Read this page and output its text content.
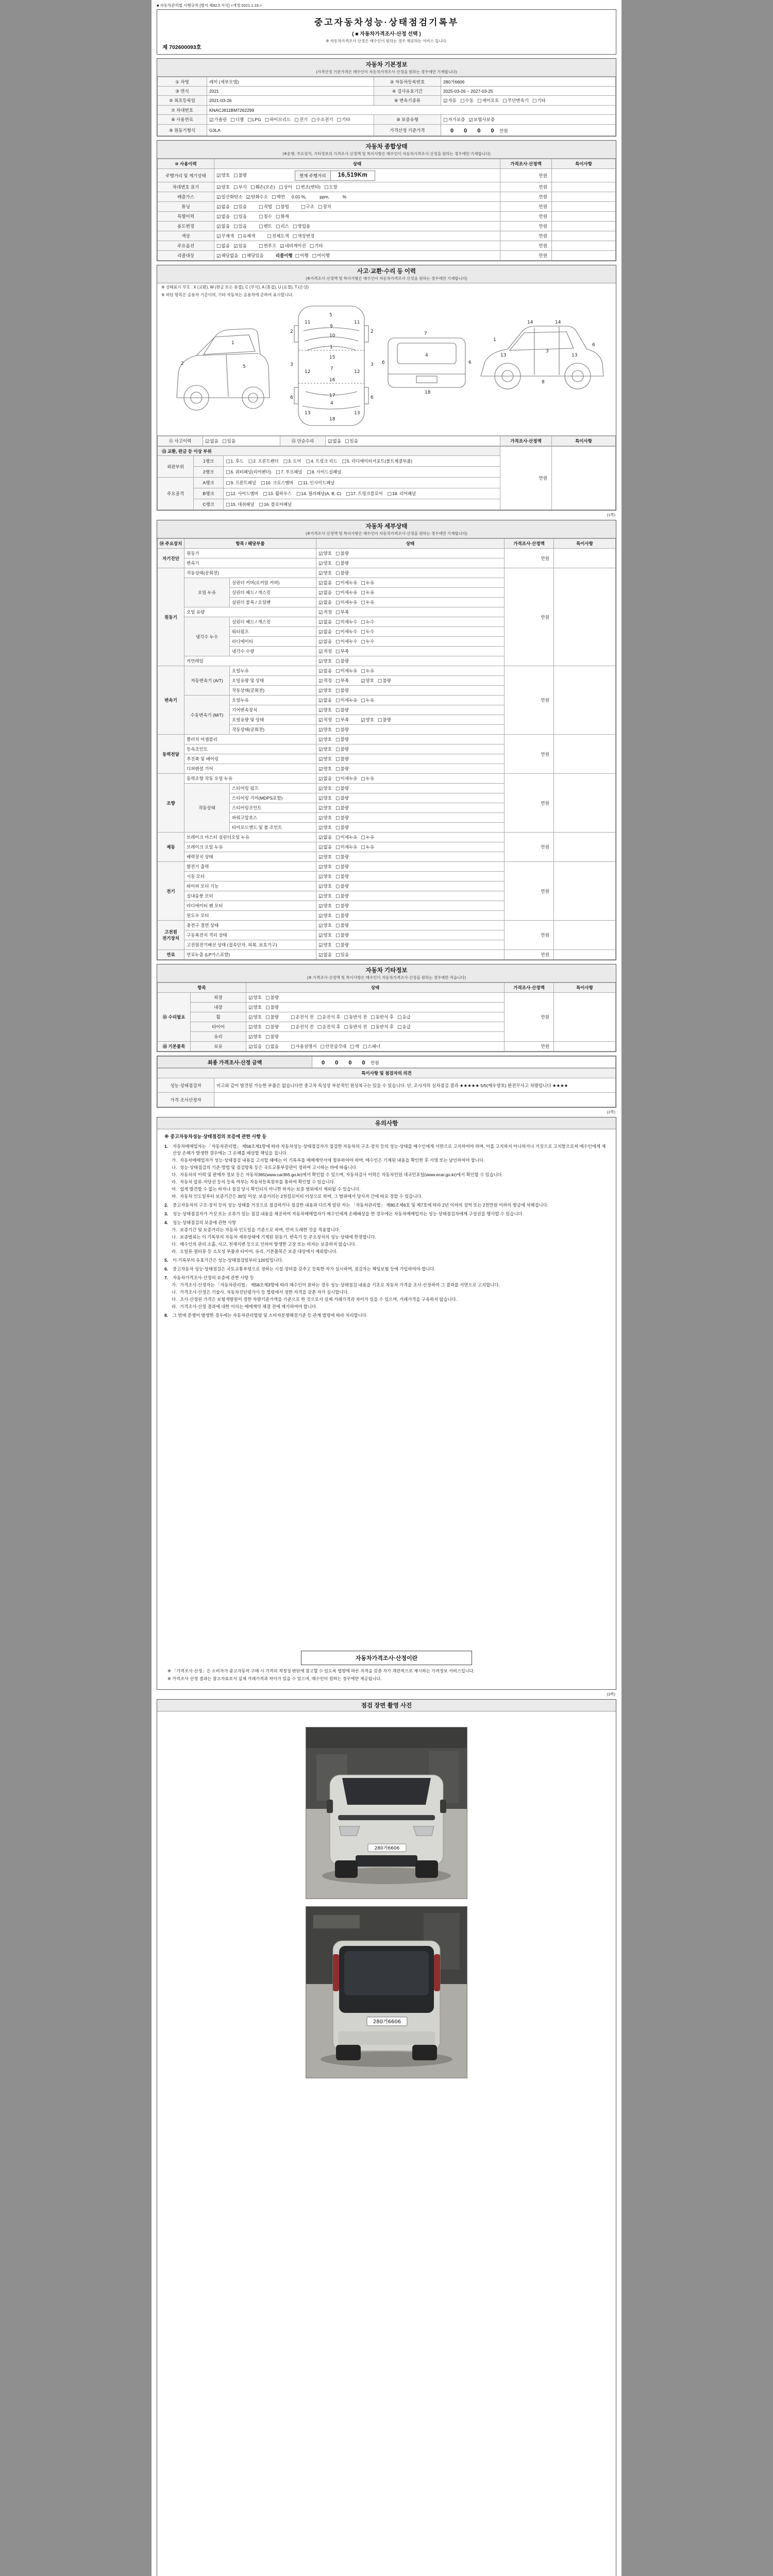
■ 자동차관리법 시행규칙 [별지 제82호서식] <개정 2021.1.19.>
중고자동차성능·상태점검기록부
( ■ 자동차가격조사·산정 선택 )
※ 자동차가격조사·산정은 매수인이 원하는 경우 제공하는 서비스 입니다.
제 702600093호
자동차 기본정보
(가격산정 기준가격은 매수인이 자동차가격조사·산정을 원하는 경우에만 기재합니다)
① 차명	레이 (세부모델)	② 자동차등록번호	280거6606
③ 연식	2021	④ 검사유효기간	2025-03-26 ~ 2027-03-25
⑤ 최초등록일	2021-03-26	⑥ 변속기종류	☑자동 ☐수동 ☐세미오토 ☐무단변속기 ☐기타
⑦ 차대번호	KNACJ811BM7262299		
⑧ 사용연료	☑가솔린 ☐디젤 ☐LPG ☐하이브리드 ☐전기 ☐수소전기 ☐기타	⑩ 보증유형	☐자가보증 ☑보험사보증
⑨ 원동기형식	G3LA	가격산정 기준가격	0　 0　 0　 0　 만원
자동차 종합상태
(※운행, 주요장치, 기타정보의 가격조사·산정액 및 특이사항은 매수인이 자동차가격조사·산정을 원하는 경우에만 기재합니다)
⑩ 사용이력	상태	가격조사·산정액	특이사항
주행거리 및 계기상태	☑양호 ☐불량 현재 주행거리 16,519Km	만원	
차대번호 표기	☑양호 ☐부식 ☐훼손(오손) ☐상이 ☐변조(변타) ☐도말	만원	
배출가스	☑일산화탄소 ☑탄화수소 ☐매연 0.01 %,　　　ppm,　　　%	만원	
튜닝	☑없음 ☐있음 ☐적법 ☐불법 ☐구조 ☐장치	만원	
특별이력	☑없음 ☐있음 ☐침수 ☐화재	만원	
용도변경	☑없음 ☐있음 ☐렌트 ☐리스 ☐영업용	만원	
색상	☑무채색 ☐유채색 ☐전체도색 ☐색상변경	만원	
주요옵션	☐없음 ☑있음 ☐썬루프 ☑네비게이션 ☐기타	만원	
리콜대상	☑해당없음 ☐해당있음 리콜이행 ☐이행 ☐미이행	만원	
사고·교환·수리 등 이력
(※가격조사·산정액 및 특이사항은 매수인이 자동차가격조사·산정을 원하는 경우에만 기재합니다)
※ 상태표시 부호 : X (교환), W (판금 또는 용접), C (부식), A (흠집), U (요철), T (손상)
※ 하단 항목은 승용차 기준이며, 기타 자동차는 승용차에 준하여 표시합니다.
1
2
5
5
9
10
1
15
7
16
17
4
18
2	2
3	3
6	6
11	11
12	12
13	13
7
4
18
6	6
1
3
6
8
13	13
14	14
⑪ 사고이력	☑없음 ☐있음	⑫ 단순수리	☑없음 ☐있음	가격조사·산정액	특이사항
⑬ 교환, 판금 등 이상 부위			만원	
외판부위	1랭크	☐1. 후드 ☐2. 프론트펜더 ☐3. 도어 ☐4. 트렁크 리드 ☐5. 라디에이터서포트(볼트체결부품)		
	2랭크	☐6. 쿼터패널(리어펜더) ☐7. 루프패널 ☐8. 사이드실패널		
주요골격	A랭크	☐9. 프론트패널 ☐10. 크로스멤버 ☐11. 인사이드패널		
	B랭크	☐12. 사이드멤버 ☐13. 휠하우스 ☐14. 필러패널(A, B, C) ☐17. 트렁크플로어 ☐18. 리어패널		
	C랭크	☐15. 대쉬패널 ☐16. 플로어패널		
(1쪽)
자동차 세부상태
(※가격조사·산정액 및 특이사항은 매수인이 자동차가격조사·산정을 원하는 경우에만 기재합니다)
⑭ 주요장치	항목 / 해당부품		상태	가격조사·산정액	특이사항
자기진단	원동기		☑양호 ☐불량	만원	
	변속기		☑양호 ☐불량		
원동기	작동상태(공회전)		☑양호 ☐불량	만원	
	오일 누유	실린더 커버(로커암 커버)	☑없음 ☐미세누유 ☐누유		
		실린더 헤드 / 개스킷	☑없음 ☐미세누유 ☐누유		
		실린더 블록 / 오일팬	☑없음 ☐미세누유 ☐누유		
	오일 유량		☑적정 ☐부족		
	냉각수 누수	실린더 헤드 / 개스킷	☑없음 ☐미세누수 ☐누수		
		워터펌프	☑없음 ☐미세누수 ☐누수		
		라디에이터	☑없음 ☐미세누수 ☐누수		
		냉각수 수량	☑적정 ☐부족		
	커먼레일		☑양호 ☐불량		
변속기	자동변속기 (A/T)	오일누유	☑없음 ☐미세누유 ☐누유	만원	
		오일유량 및 상태	☑적정 ☐부족 ☑양호 ☐불량		
		작동상태(공회전)	☑양호 ☐불량		
	수동변속기 (M/T)	오일누유	☑없음 ☐미세누유 ☐누유		
		기어변속장치	☑양호 ☐불량		
		오일유량 및 상태	☑적정 ☐부족 ☑양호 ☐불량		
		작동상태(공회전)	☑양호 ☐불량		
동력전달	클러치 어셈블리		☑양호 ☐불량	만원	
	등속조인트		☑양호 ☐불량		
	추진축 및 베어링		☑양호 ☐불량		
	디퍼렌셜 기어		☑양호 ☐불량		
조향	동력조향 작동 오일 누유		☑없음 ☐미세누유 ☐누유	만원	
	작동상태	스티어링 펌프	☑양호 ☐불량		
		스티어링 기어(MDPS포함)	☑양호 ☐불량		
		스티어링조인트	☑양호 ☐불량		
		파워고압호스	☑양호 ☐불량		
		타이로드엔드 및 볼 조인트	☑양호 ☐불량		
제동	브레이크 마스터 실린더오일 누유		☑없음 ☐미세누유 ☐누유	만원	
	브레이크 오일 누유		☑없음 ☐미세누유 ☐누유		
	배력장치 상태		☑양호 ☐불량		
전기	발전기 출력		☑양호 ☐불량	만원	
	시동 모터		☑양호 ☐불량		
	와이퍼 모터 기능		☑양호 ☐불량		
	실내송풍 모터		☑양호 ☐불량		
	라디에이터 팬 모터		☑양호 ☐불량		
	윈도우 모터		☑양호 ☐불량		
고전원 전기장치	충전구 절연 상태		☑양호 ☐불량	만원	
	구동축전지 격리 상태		☑양호 ☐불량		
	고전원전기배선 상태 (접속단자, 피복, 보호기구)		☑양호 ☐불량		
연료	연료누출 (LP가스포함)		☑없음 ☐있음	만원	
자동차 기타정보
(※ 가격조사·산정액 및 특이사항은 매수인이 자동차가격조사·산정을 원하는 경우에만 적습니다)
항목		상태	가격조사·산정액	특이사항
⑮ 수리필요	외장	☑양호 ☐불량	만원	
	내장	☑양호 ☐불량		
	휠	☑양호 ☐불량 ☐운전석 전 ☐운전석 후 ☐동반석 전 ☐동반석 후 ☐응급		
	타이어	☑양호 ☐불량 ☐운전석 전 ☐운전석 후 ☐동반석 전 ☐동반석 후 ☐응급		
	유리	☑양호 ☐불량		
⑯ 기본품목	보유	☑있음 ☐없음 ☐사용설명서 ☐안전삼각대 ☐잭 ☐스패너	만원	
최종 가격조사·산정 금액	0　 0　 0　 0　 만원
특이사항 및 점검자의 의견	
성능·상태점검자	비고와 같이 발견된 가능한 부품은 없습니다만 중고차 특성상 부분적인 원상복구는 있을 수 있습니다. 단, 조사자의 실차점검 결과 ★★★★★ 5/5(매우양호) 완전무사고 차량입니다 ★★★★
가격·조사산정자	
(2쪽)
유의사항
※ 중고자동차성능·상태점검의 보증에 관한 사항 등
1.	자동차매매업자는 「자동차관리법」 제58조제1항에 따라 자동차성능·상태점검자가 점검한 자동차의 구조·장치 등의 성능·상태를 매수인에게 서면으로 고지하여야 하며, 이를 고지하지 아니하거나 거짓으로 고지함으로써 매수인에게 재산상 손해가 발생한 경우에는 그 손해를 배상할 책임을 집니다.
가. 자동차매매업자가 성능·상태점검 내용을 고지할 때에는 이 기록부를 매매계약서에 첨부하여야 하며, 매수인은 기재된 내용을 확인한 후 서명 또는 날인하여야 합니다.
나. 성능·상태점검의 기준·방법 및 점검항목 등은 국토교통부장관이 정하여 고시하는 바에 따릅니다.
다. 자동차의 이력 및 판매자 정보 등은 자동차365(www.car365.go.kr)에서 확인할 수 있으며, 자동차검사 이력은 자동차민원 대국민포털(www.ecar.go.kr)에서 확인할 수 있습니다.
라. 자동차 압류·저당권 등의 등록 여부는 자동차등록원부를 통하여 확인할 수 있습니다.
마. 쉽게 발견할 수 없는 하자나 점검 당시 확인되지 아니한 하자는 보증 범위에서 제외될 수 있습니다.
바. 자동차 인도일부터 보증기간은 30일 이상, 보증거리는 2천킬로미터 이상으로 하며, 그 범위에서 당사자 간에 따로 정할 수 있습니다.
2.	중고자동차의 구조·장치 등의 성능·상태를 거짓으로 점검하거나 점검한 내용과 다르게 알린 자는 「자동차관리법」 제80조제6호 및 제7호에 따라 2년 이하의 징역 또는 2천만원 이하의 벌금에 처해집니다.
3.	성능·상태점검자가 거짓 또는 오류가 있는 점검 내용을 제공하여 자동차매매업자가 매수인에게 손해배상을 한 경우에는 자동차매매업자는 성능·상태점검자에게 구상권을 행사할 수 있습니다.
4.	성능·상태점검의 보증에 관한 사항
가. 보증기간 및 보증거리는 자동차 인도일을 기준으로 하며, 먼저 도래한 것을 적용합니다.
나. 보증범위는 이 기록부의 자동차 세부상태에 기재된 원동기, 변속기 등 주요장치의 성능·상태에 한정합니다.
다. 매수인의 관리 소홀, 사고, 천재지변 등으로 인하여 발생한 고장 또는 하자는 보증하지 않습니다.
라. 오일류·필터류 등 소모성 부품과 타이어, 유리, 기본품목은 보증 대상에서 제외합니다.
5.	이 기록부의 유효기간은 성능·상태점검일부터 120일입니다.
6.	중고자동차 성능·상태점검은 국토교통부령으로 정하는 시설·장비를 갖추고 등록한 자가 실시하며, 점검자는 책임보험 등에 가입하여야 합니다.
7.	자동차가격조사·산정의 보증에 관한 사항 등
가. 가격조사·산정자는 「자동차관리법」 제58조제3항에 따라 매수인이 원하는 경우 성능·상태점검 내용을 기초로 자동차 가격을 조사·산정하여 그 결과를 서면으로 고지합니다.
나. 가격조사·산정은 기술사, 자동차진단평가사 등 법령에서 정한 자격을 갖춘 자가 실시합니다.
다. 조사·산정된 가격은 보험개발원이 정한 차량기준가액을 기준으로 한 것으로서 실제 거래가격과 차이가 있을 수 있으며, 거래가격을 구속하지 않습니다.
라. 가격조사·산정 결과에 대한 이의는 매매계약 체결 전에 제기하여야 합니다.
8.	그 밖에 분쟁이 발생한 경우에는 자동차관리법령 및 소비자분쟁해결기준 등 관계 법령에 따라 처리합니다.
자동차가격조사·산정이란
※ 「가격조사·산정」은 소비자가 중고자동차 구매 시 가격의 적정성 판단에 참고할 수 있도록 법령에 따른 자격을 갖춘 자가 객관적으로 제시하는 가격정보 서비스입니다.
※ 가격조사·산정 결과는 참고자료로서 실제 거래가격과 차이가 있을 수 있으며, 매수인이 원하는 경우에만 제공됩니다.
(3쪽)
점검 장면 촬영 사진
280거6606
280거6606
